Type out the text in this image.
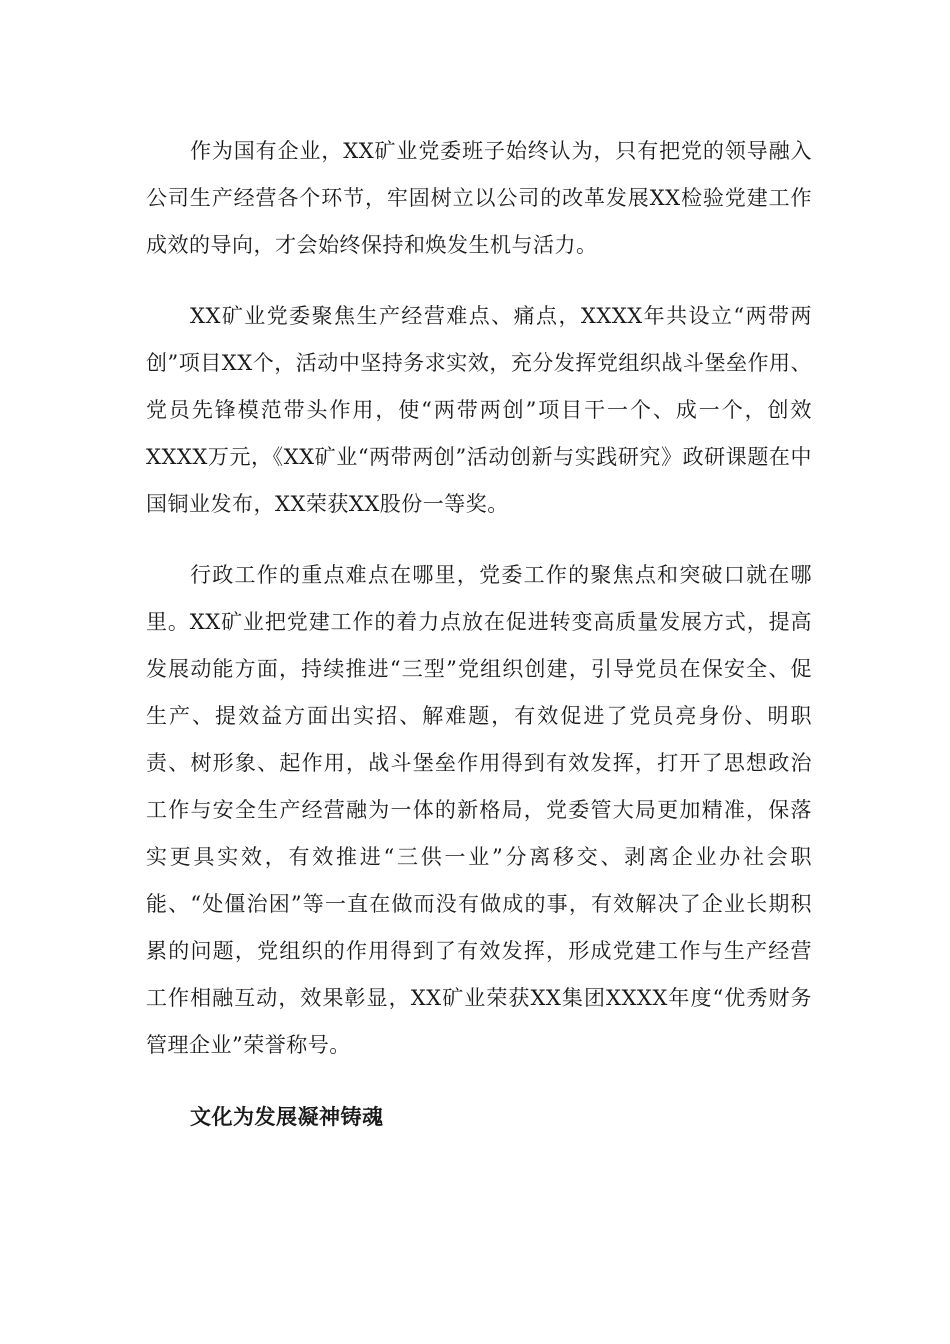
作为国有企业，XX矿业党委班子始终认为，只有把党的领导融入公司生产经营各个环节，牢固树立以公司的改革发展XX检验党建工作成效的导向，才会始终保持和焕发生机与活力。

XX矿业党委聚焦生产经营难点、痛点，XXXX年共设立“两带两创”项目XX个，活动中坚持务求实效，充分发挥党组织战斗堡垒作用、党员先锋模范带头作用，使“两带两创”项目干一个、成一个，创效XXXX万元，《XX矿业“两带两创”活动创新与实践研究》政研课题在中国铜业发布，XX荣获XX股份一等奖。

行政工作的重点难点在哪里，党委工作的聚焦点和突破口就在哪里。XX矿业把党建工作的着力点放在促进转变高质量发展方式，提高发展动能方面，持续推进“三型”党组织创建，引导党员在保安全、促生产、提效益方面出实招、解难题，有效促进了党员亮身份、明职责、树形象、起作用，战斗堡垒作用得到有效发挥，打开了思想政治工作与安全生产经营融为一体的新格局，党委管大局更加精准，保落实更具实效，有效推进“三供一业”分离移交、剥离企业办社会职能、“处僵治困”等一直在做而没有做成的事，有效解决了企业长期积累的问题，党组织的作用得到了有效发挥，形成党建工作与生产经营工作相融互动，效果彰显，XX矿业荣获XX集团XXXX年度“优秀财务管理企业”荣誉称号。

文化为发展凝神铸魂
